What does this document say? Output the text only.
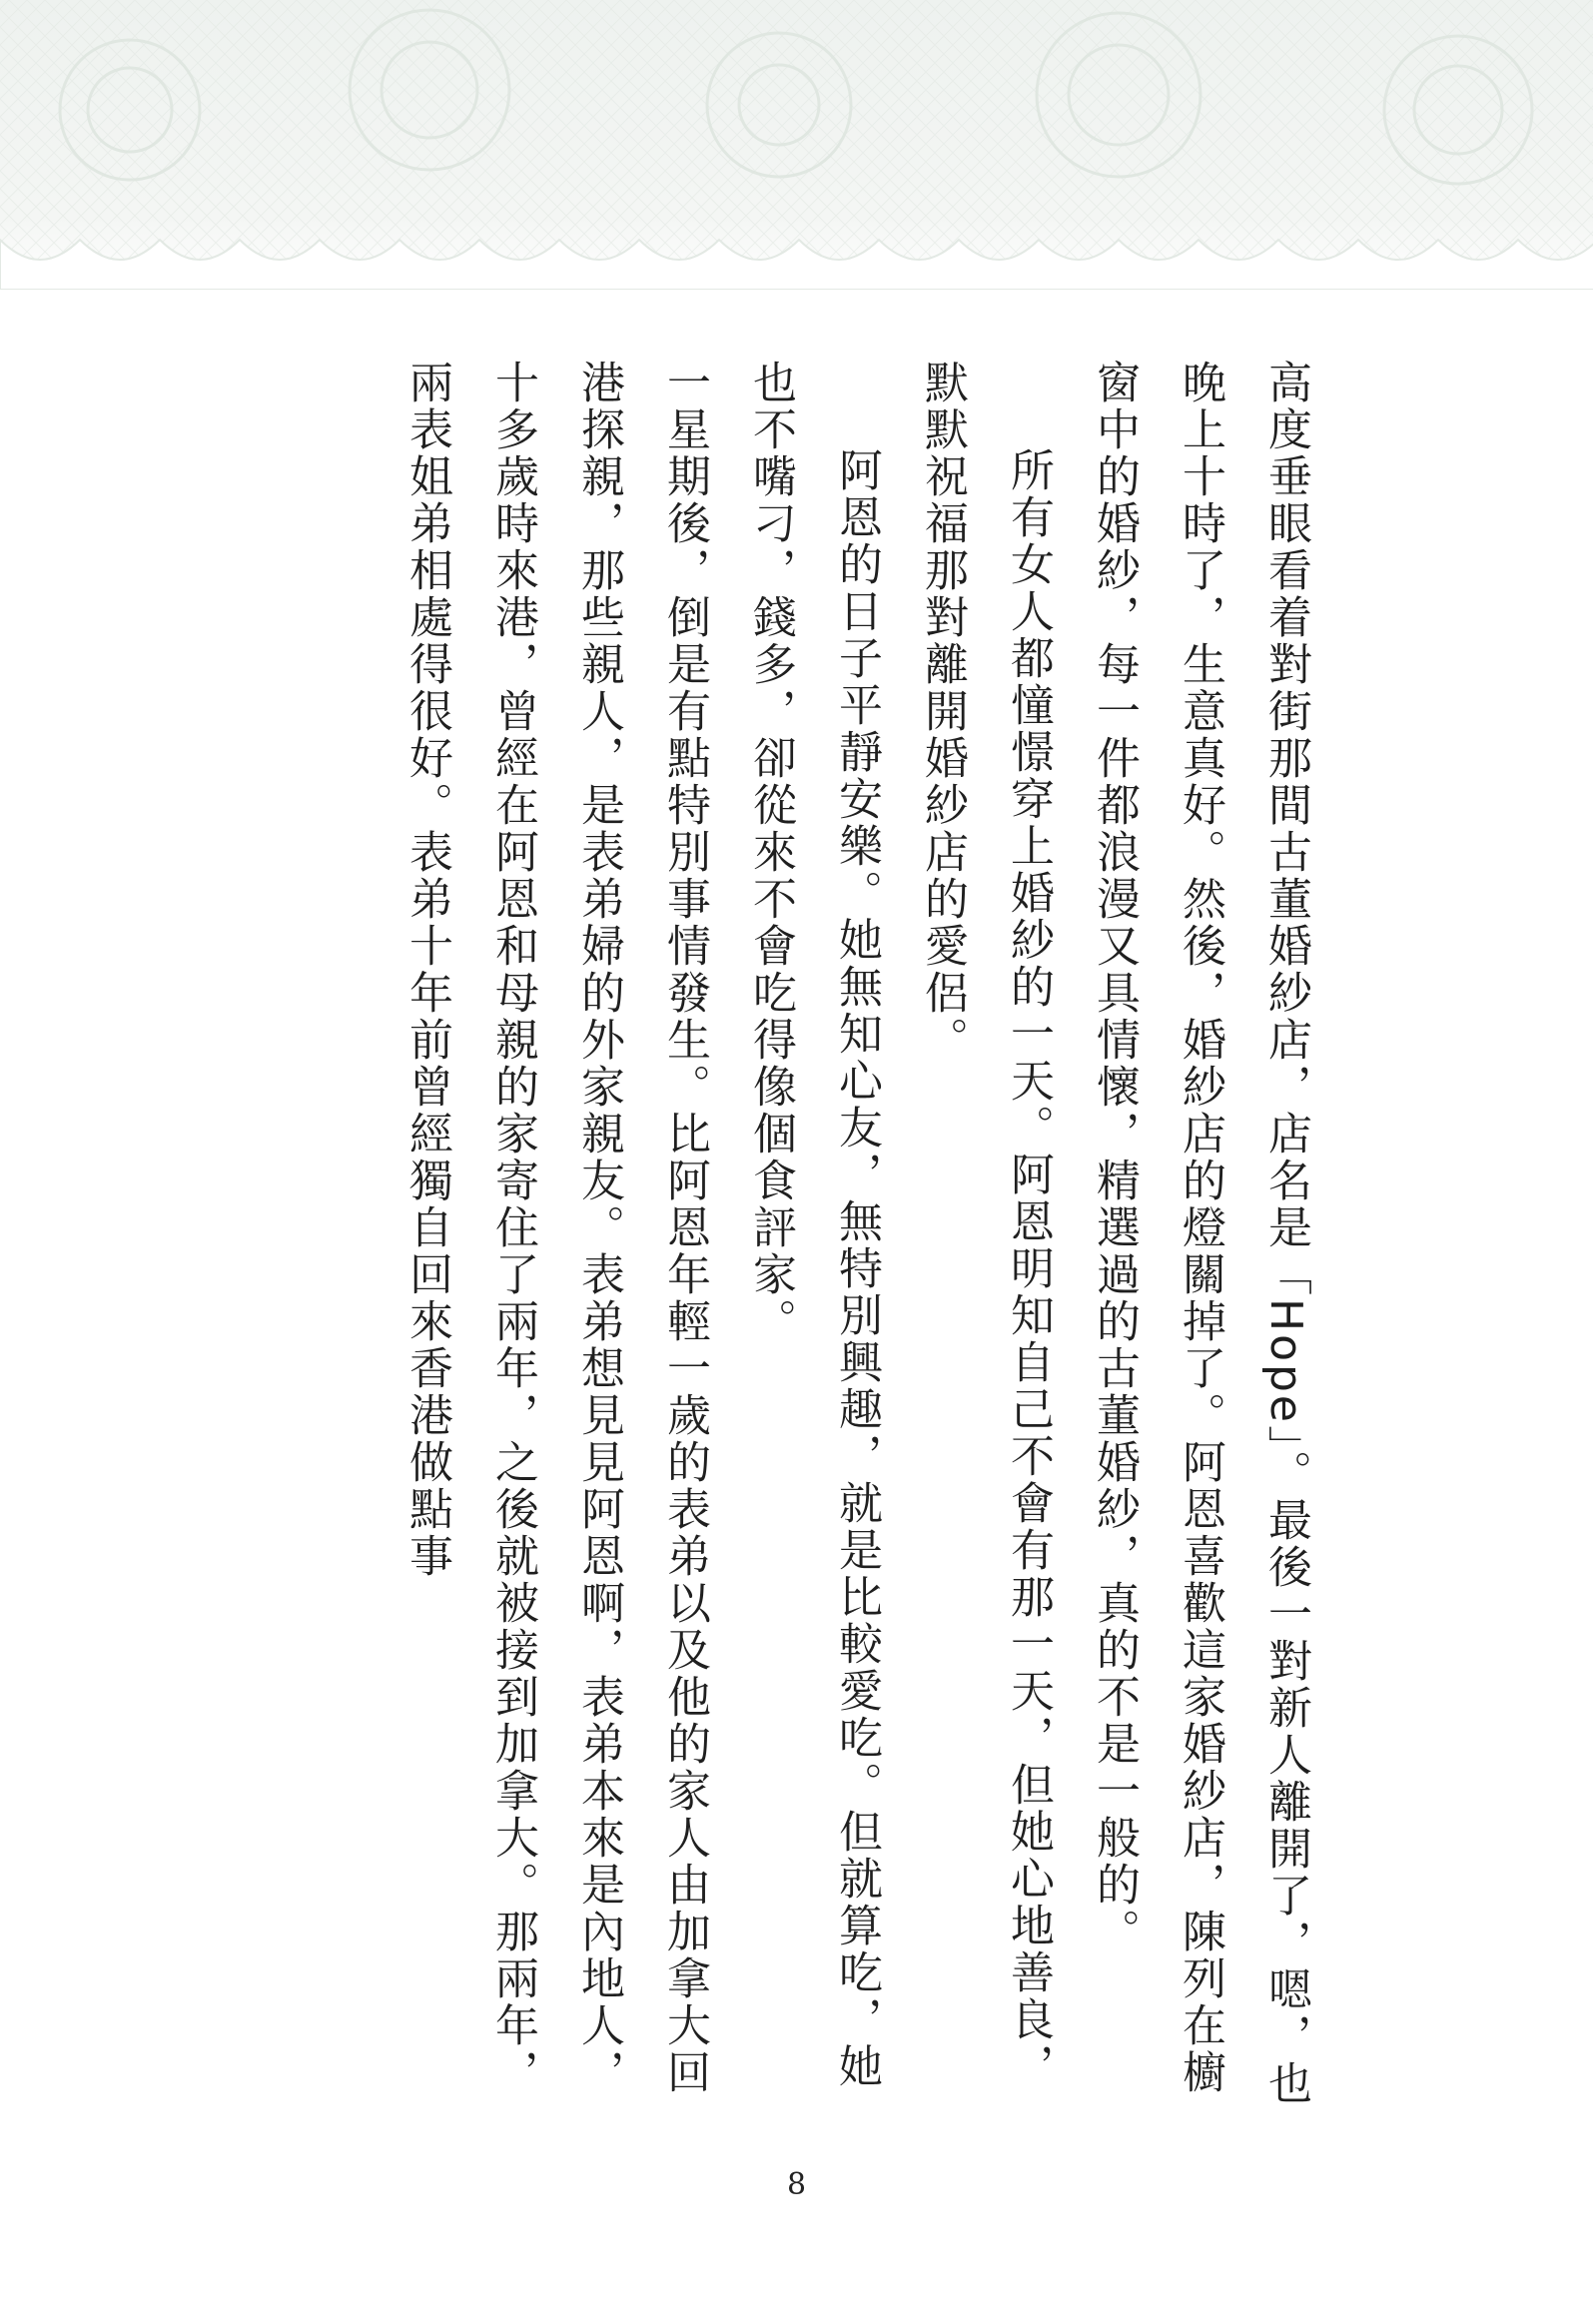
高度垂眼看着對街那間古董婚紗店，店名是「Hope」。最後一對新人離開了，嗯，也晚上十時了，生意真好。然後，婚紗店的燈關掉了。阿恩喜歡這家婚紗店，陳列在櫥窗中的婚紗，每一件都浪漫又具情懷，精選過的古董婚紗，真的不是一般的。

所有女人都憧憬穿上婚紗的一天。阿恩明知自己不會有那一天，但她心地善良，默默祝福那對離開婚紗店的愛侶。

阿恩的日子平靜安樂。她無知心友，無特別興趣，就是比較愛吃。但就算吃，她也不嘴刁，錢多，卻從來不會吃得像個食評家。

一星期後，倒是有點特別事情發生。比阿恩年輕一歲的表弟以及他的家人由加拿大回港探親，那些親人，是表弟婦的外家親友。表弟想見見阿恩啊，表弟本來是內地人，十多歲時來港，曾經在阿恩和母親的家寄住了兩年，之後就被接到加拿大。那兩年，兩表姐弟相處得很好。表弟十年前曾經獨自回來香港做點事

8
